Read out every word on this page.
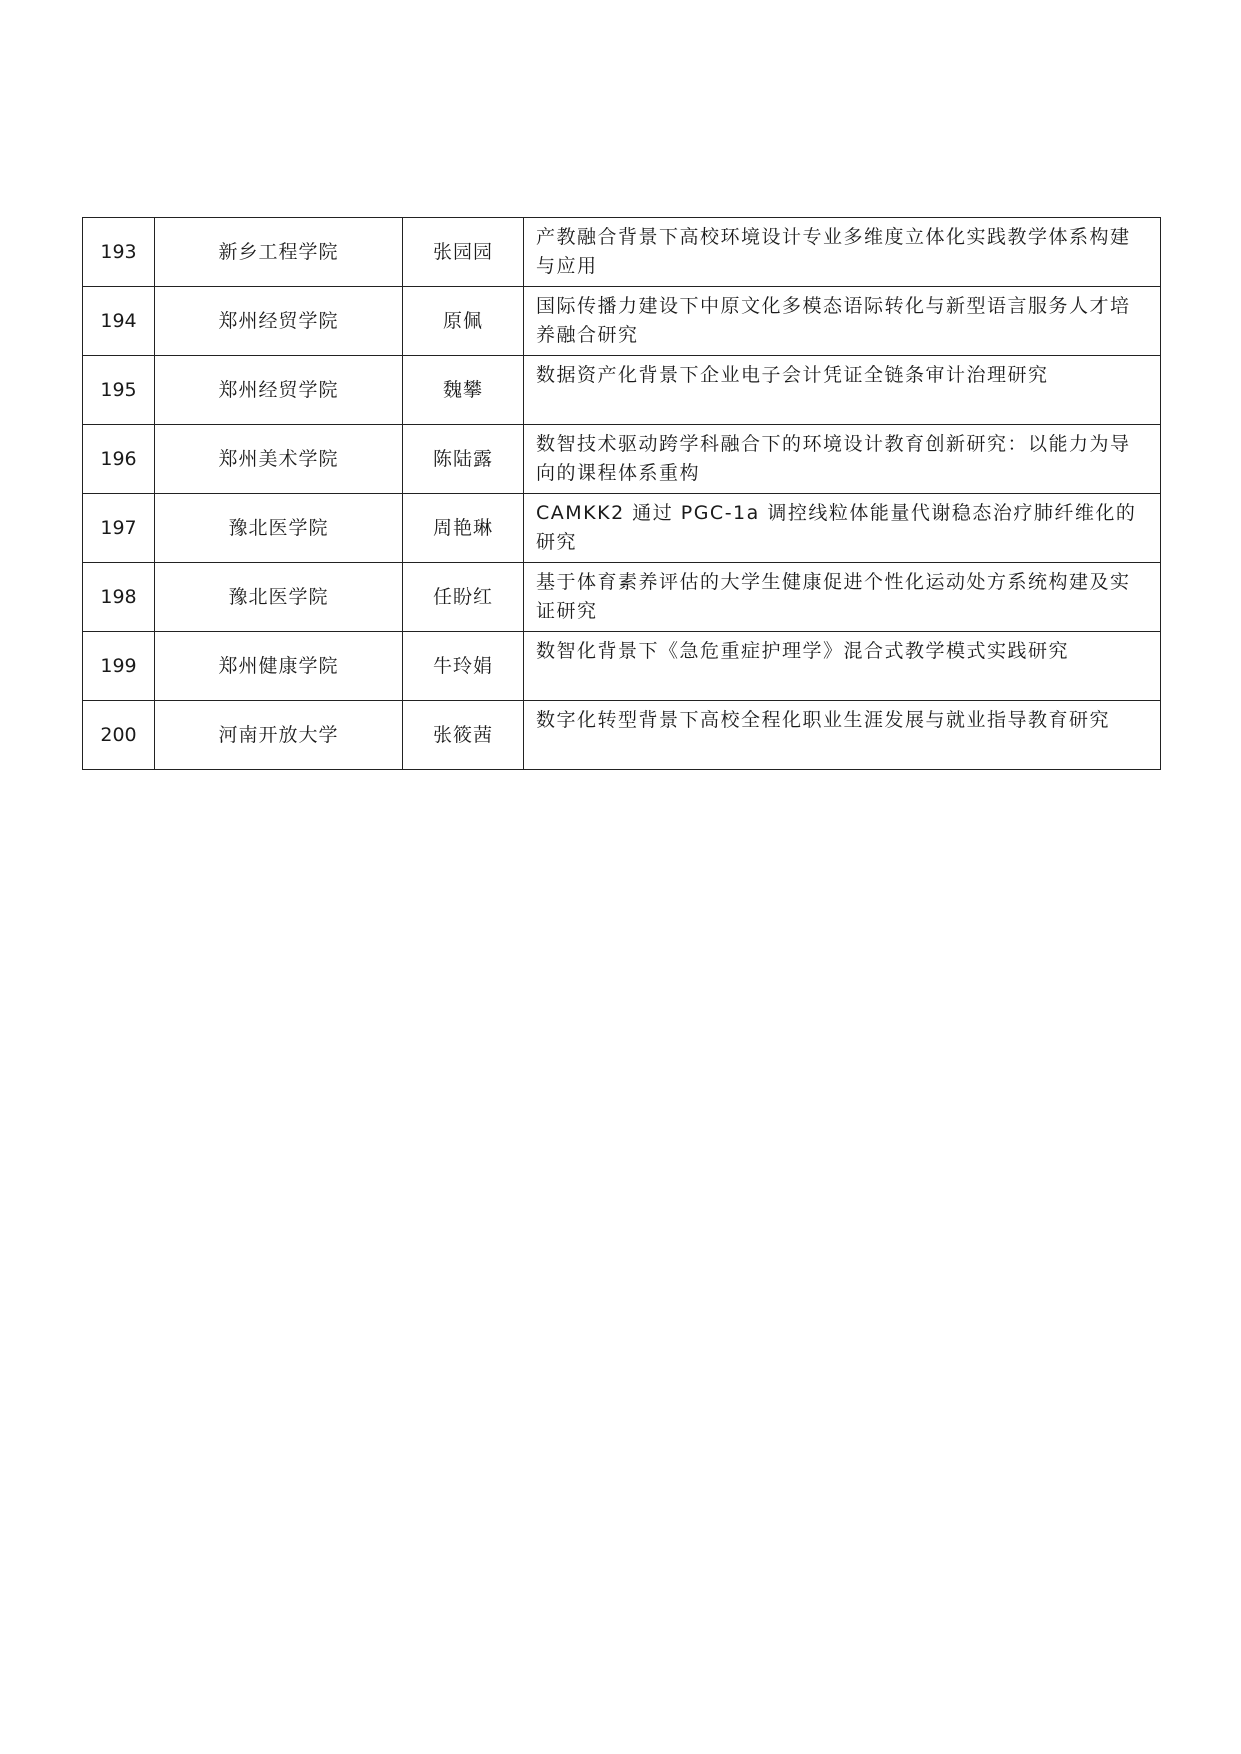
193	新乡工程学院	张园园	产教融合背景下高校环境设计专业多维度立体化实践教学体系构建与应用
194	郑州经贸学院	原佩	国际传播力建设下中原文化多模态语际转化与新型语言服务人才培养融合研究
195	郑州经贸学院	魏攀	数据资产化背景下企业电子会计凭证全链条审计治理研究
196	郑州美术学院	陈陆露	数智技术驱动跨学科融合下的环境设计教育创新研究：以能力为导向的课程体系重构
197	豫北医学院	周艳琳	CAMKK2 通过 PGC-1a 调控线粒体能量代谢稳态治疗肺纤维化的研究
198	豫北医学院	任盼红	基于体育素养评估的大学生健康促进个性化运动处方系统构建及实证研究
199	郑州健康学院	牛玲娟	数智化背景下《急危重症护理学》混合式教学模式实践研究
200	河南开放大学	张筱茜	数字化转型背景下高校全程化职业生涯发展与就业指导教育研究
